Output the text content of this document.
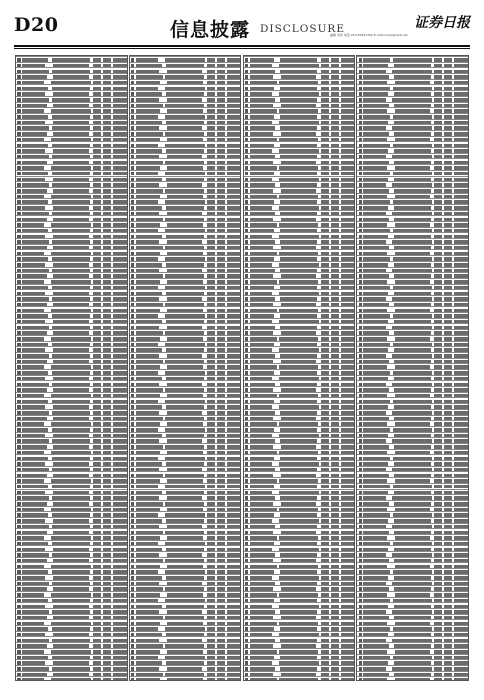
D20	信息披露 DISCLOSURE	证券日报
编辑 刘杰 电话 010-83251700 E-mail:zmzx@zqrb.net
